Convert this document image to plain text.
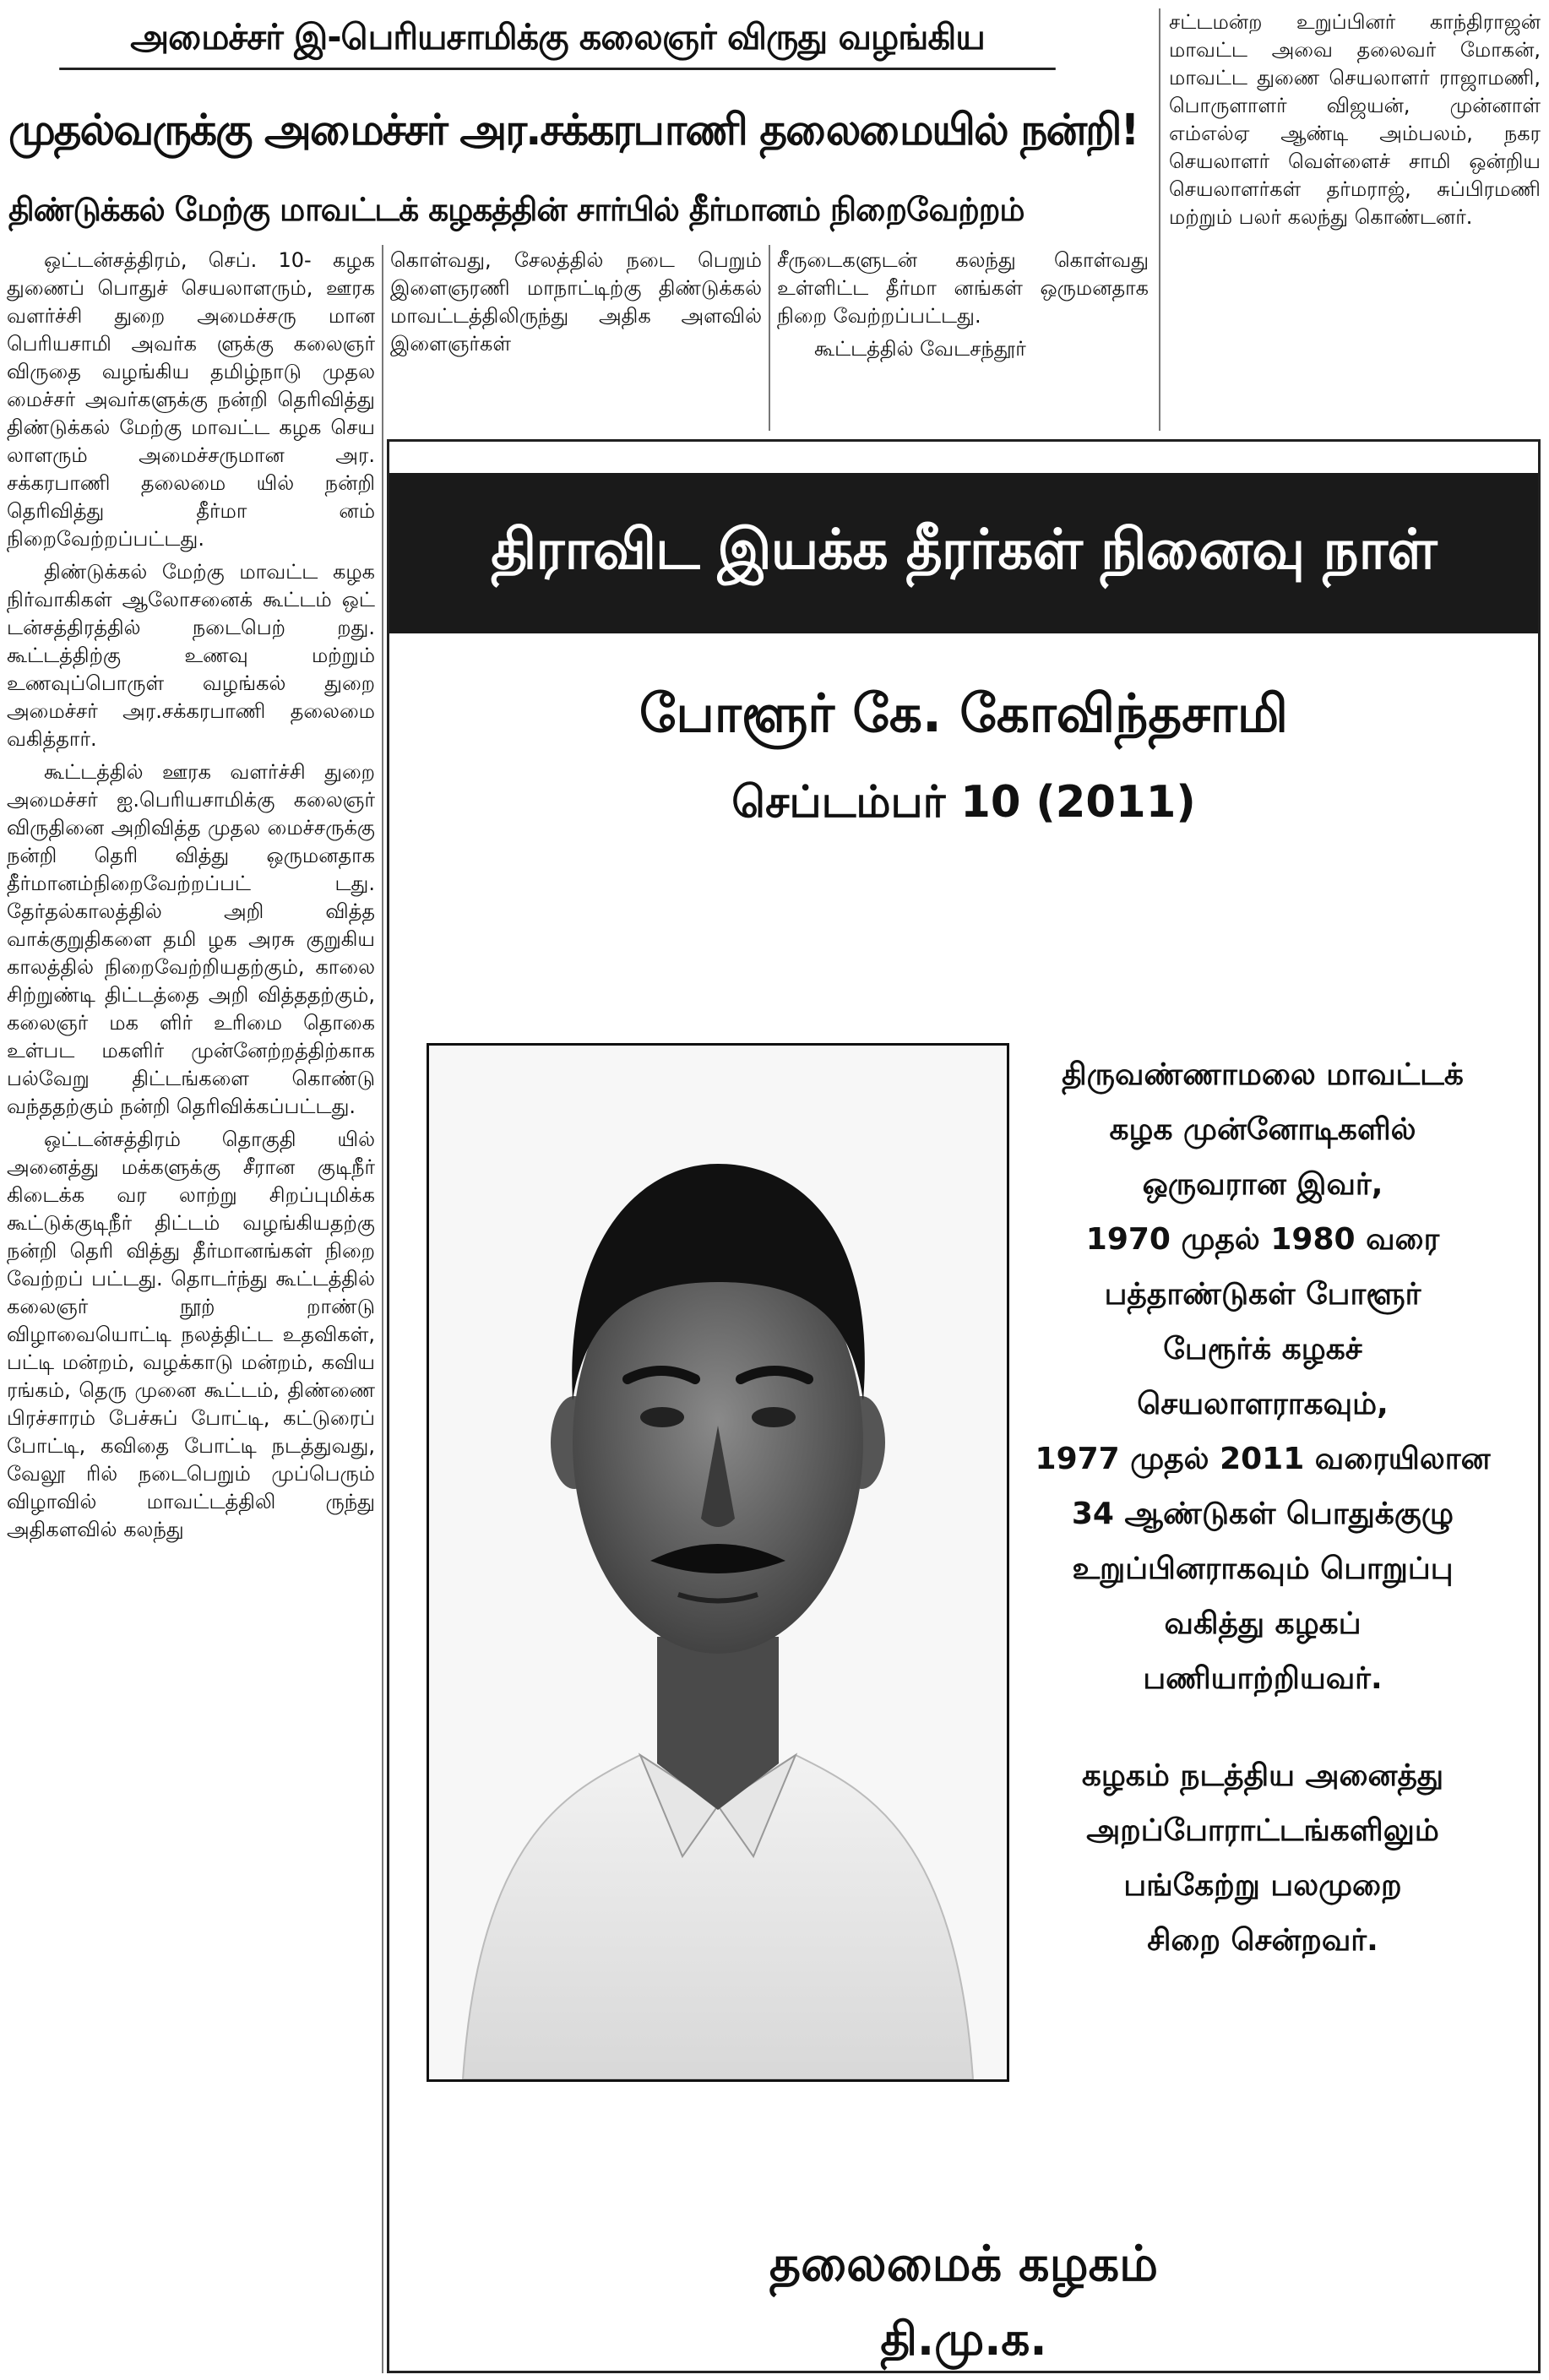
அமைச்சர் இ-பெரியசாமிக்கு கலைஞர் விருது வழங்கிய
முதல்வருக்கு அமைச்சர் அர.சக்கரபாணி தலைமையில் நன்றி!
திண்டுக்கல் மேற்கு மாவட்டக் கழகத்தின் சார்பில் தீர்மானம் நிறைவேற்றம்

ஒட்டன்சத்திரம், செப். 10- கழக துணைப் பொதுச் செயலாளரும், ஊரக வளர்ச்சி துறை அமைச்சரு மான பெரியசாமி அவர்க ளுக்கு கலைஞர் விருதை வழங்கிய தமிழ்நாடு முதல மைச்சர் அவர்களுக்கு நன்றி தெரிவித்து திண்டுக்கல் மேற்கு மாவட்ட கழக செய லாளரும் அமைச்சருமான அர. சக்கரபாணி தலைமை யில் நன்றி தெரிவித்து தீர்மா னம் நிறைவேற்றப்பட்டது.

திண்டுக்கல் மேற்கு மாவட்ட கழக நிர்வாகிகள் ஆலோசனைக் கூட்டம் ஒட் டன்சத்திரத்தில் நடைபெற் றது. கூட்டத்திற்கு உணவு மற்றும் உணவுப்பொருள் வழங்கல் துறை அமைச்சர் அர.சக்கரபாணி தலைமை வகித்தார்.

கூட்டத்தில் ஊரக வளர்ச்சி துறை அமைச்சர் ஐ.பெரியசாமிக்கு கலைஞர் விருதினை அறிவித்த முதல மைச்சருக்கு நன்றி தெரி வித்து ஒருமனதாக தீர்மானம்நிறைவேற்றப்பட் டது. தேர்தல்காலத்தில் அறி வித்த வாக்குறுதிகளை தமி ழக அரசு குறுகிய காலத்தில் நிறைவேற்றியதற்கும், காலை சிற்றுண்டி திட்டத்தை அறி வித்ததற்கும், கலைஞர் மக ளிர் உரிமை தொகை உள்பட மகளிர் முன்னேற்றத்திற்காக பல்வேறு திட்டங்களை கொண்டு வந்ததற்கும் நன்றி தெரிவிக்கப்பட்டது.

ஒட்டன்சத்திரம் தொகுதி யில் அனைத்து மக்களுக்கு சீரான குடிநீர் கிடைக்க வர லாற்று சிறப்புமிக்க கூட்டுக்குடிநீர் திட்டம் வழங்கியதற்கு நன்றி தெரி வித்து தீர்மானங்கள் நிறை வேற்றப் பட்டது. தொடர்ந்து கூட்டத்தில் கலைஞர் நூற் றாண்டு விழாவையொட்டி நலத்திட்ட உதவிகள், பட்டி மன்றம், வழக்காடு மன்றம், கவிய ரங்கம், தெரு முனை கூட்டம், திண்ணை பிரச்சாரம் பேச்சுப் போட்டி, கட்டுரைப் போட்டி, கவிதை போட்டி நடத்துவது, வேலூ ரில் நடைபெறும் முப்பெரும் விழாவில் மாவட்டத்திலி ருந்து அதிகளவில் கலந்து

கொள்வது, சேலத்தில் நடை பெறும் இளைஞரணி மாநாட்டிற்கு திண்டுக்கல் மாவட்டத்திலிருந்து அதிக அளவில் இளைஞர்கள்

சீருடைகளுடன் கலந்து கொள்வது உள்ளிட்ட தீர்மா னங்கள் ஒருமனதாக நிறை வேற்றப்பட்டது.

கூட்டத்தில் வேடசந்தூர்

சட்டமன்ற உறுப்பினர் காந்திராஜன் மாவட்ட அவை தலைவர் மோகன், மாவட்ட துணை செயலாளர் ராஜாமணி, பொருளாளர் விஜயன், முன்னாள் எம்எல்ஏ ஆண்டி அம்பலம், நகர செயலாளர் வெள்ளைச் சாமி ஒன்றிய செயலாளர்கள் தர்மராஜ், சுப்பிரமணி மற்றும் பலர் கலந்து கொண்டனர்.

திராவிட இயக்க தீரர்கள் நினைவு நாள்
போளூர் கே. கோவிந்தசாமி
செப்டம்பர் 10 (2011)
திருவண்ணாமலை மாவட்டக்
கழக முன்னோடிகளில்
ஒருவரான இவர்,
1970 முதல் 1980 வரை
பத்தாண்டுகள் போளூர்
பேரூர்க் கழகச்
செயலாளராகவும்,
1977 முதல் 2011 வரையிலான
34 ஆண்டுகள் பொதுக்குழு
உறுப்பினராகவும் பொறுப்பு
வகித்து கழகப்
பணியாற்றியவர்.
கழகம் நடத்திய அனைத்து
அறப்போராட்டங்களிலும்
பங்கேற்று பலமுறை
சிறை சென்றவர்.
தலைமைக் கழகம்
தி.மு.க.
